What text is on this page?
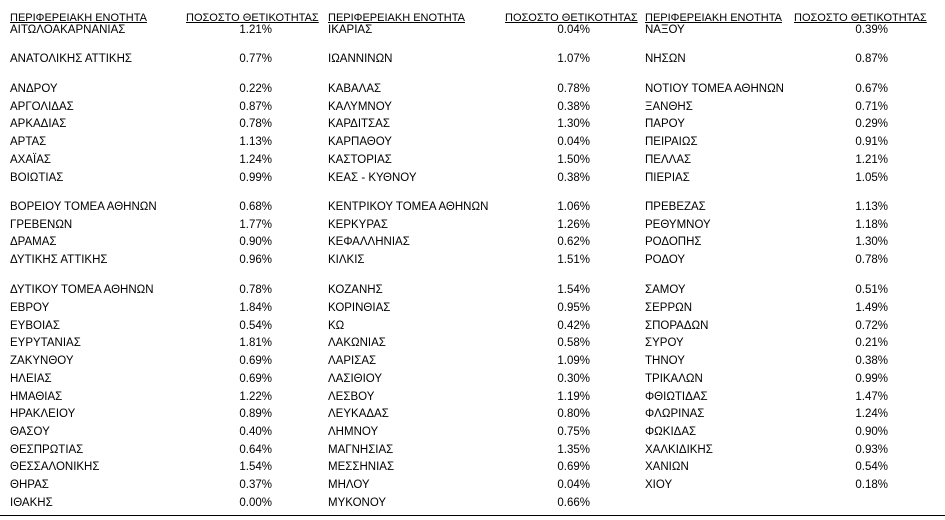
ΠΕΡΙΦΕΡΕΙΑΚΗ ΕΝΟΤΗΤΑ	ΠΟΣΟΣΤΟ ΘΕΤΙΚΟΤΗΤΑΣ ΠΕΡΙΦΕΡΕΙΑΚΗ ΕΝΟΤΗΤΑ	ΠΟΣΟΣΤΟ ΘΕΤΙΚΟΤΗΤΑΣ ΠΕΡΙΦΕΡΕΙΑΚΗ ΕΝΟΤΗΤΑ ΠΟΣΟΣΤΟ ΘΕΤΙΚΟΤΗΤΑΣ
ΑΙΤΩΛΟΑΚΑΡΝΑΝΙΑΣ	1.21%
ΑΝΑΤΟΛΙΚΗΣ ΑΤΤΙΚΗΣ	0.77%
ΑΝΔΡΟΥ	0.22%
ΑΡΓΟΛΙΔΑΣ	0.87%
ΑΡΚΑΔΙΑΣ	0.78%
ΑΡΤΑΣ	1.13%
ΑΧΑΪΑΣ	1.24%
ΒΟΙΩΤΙΑΣ	0.99%
ΒΟΡΕΙΟΥ ΤΟΜΕΑ ΑΘΗΝΩΝ	0.68%
ΓΡΕΒΕΝΩΝ	1.77%
ΔΡΑΜΑΣ	0.90%
ΔΥΤΙΚΗΣ ΑΤΤΙΚΗΣ	0.96%
ΔΥΤΙΚΟΥ ΤΟΜΕΑ ΑΘΗΝΩΝ	0.78%
ΕΒΡΟΥ	1.84%
ΕΥΒΟΙΑΣ	0.54%
ΕΥΡΥΤΑΝΙΑΣ	1.81%
ΖΑΚΥΝΘΟΥ	0.69%
ΗΛΕΙΑΣ	0.69%
ΗΜΑΘΙΑΣ	1.22%
ΗΡΑΚΛΕΙΟΥ	0.89%
ΘΑΣΟΥ	0.40%
ΘΕΣΠΡΩΤΙΑΣ	0.64%
ΘΕΣΣΑΛΟΝΙΚΗΣ	1.54%
ΘΗΡΑΣ	0.37%
ΙΘΑΚΗΣ	0.00%
ΙΚΑΡΙΑΣ	0.04%
ΙΩΑΝΝΙΝΩΝ	1.07%
ΚΑΒΑΛΑΣ	0.78%
ΚΑΛΥΜΝΟΥ	0.38%
ΚΑΡΔΙΤΣΑΣ	1.30%
ΚΑΡΠΑΘΟΥ	0.04%
ΚΑΣΤΟΡΙΑΣ	1.50%
ΚΕΑΣ - ΚΥΘΝΟΥ	0.38%
ΚΕΝΤΡΙΚΟΥ ΤΟΜΕΑ ΑΘΗΝΩΝ	1.06%
ΚΕΡΚΥΡΑΣ	1.26%
ΚΕΦΑΛΛΗΝΙΑΣ	0.62%
ΚΙΛΚΙΣ	1.51%
ΚΟΖΑΝΗΣ	1.54%
ΚΟΡΙΝΘΙΑΣ	0.95%
ΚΩ	0.42%
ΛΑΚΩΝΙΑΣ	0.58%
ΛΑΡΙΣΑΣ	1.09%
ΛΑΣΙΘΙΟΥ	0.30%
ΛΕΣΒΟΥ	1.19%
ΛΕΥΚΑΔΑΣ	0.80%
ΛΗΜΝΟΥ	0.75%
ΜΑΓΝΗΣΙΑΣ	1.35%
ΜΕΣΣΗΝΙΑΣ	0.69%
ΜΗΛΟΥ	0.04%
ΜΥΚΟΝΟΥ	0.66%
ΝΑΞΟΥ	0.39%
ΝΗΣΩΝ	0.87%
ΝΟΤΙΟΥ ΤΟΜΕΑ ΑΘΗΝΩΝ	0.67%
ΞΑΝΘΗΣ	0.71%
ΠΑΡΟΥ	0.29%
ΠΕΙΡΑΙΩΣ	0.91%
ΠΕΛΛΑΣ	1.21%
ΠΙΕΡΙΑΣ	1.05%
ΠΡΕΒΕΖΑΣ	1.13%
ΡΕΘΥΜΝΟΥ	1.18%
ΡΟΔΟΠΗΣ	1.30%
ΡΟΔΟΥ	0.78%
ΣΑΜΟΥ	0.51%
ΣΕΡΡΩΝ	1.49%
ΣΠΟΡΑΔΩΝ	0.72%
ΣΥΡΟΥ	0.21%
ΤΗΝΟΥ	0.38%
ΤΡΙΚΑΛΩΝ	0.99%
ΦΘΙΩΤΙΔΑΣ	1.47%
ΦΛΩΡΙΝΑΣ	1.24%
ΦΩΚΙΔΑΣ	0.90%
ΧΑΛΚΙΔΙΚΗΣ	0.93%
ΧΑΝΙΩΝ	0.54%
ΧΙΟΥ	0.18%
